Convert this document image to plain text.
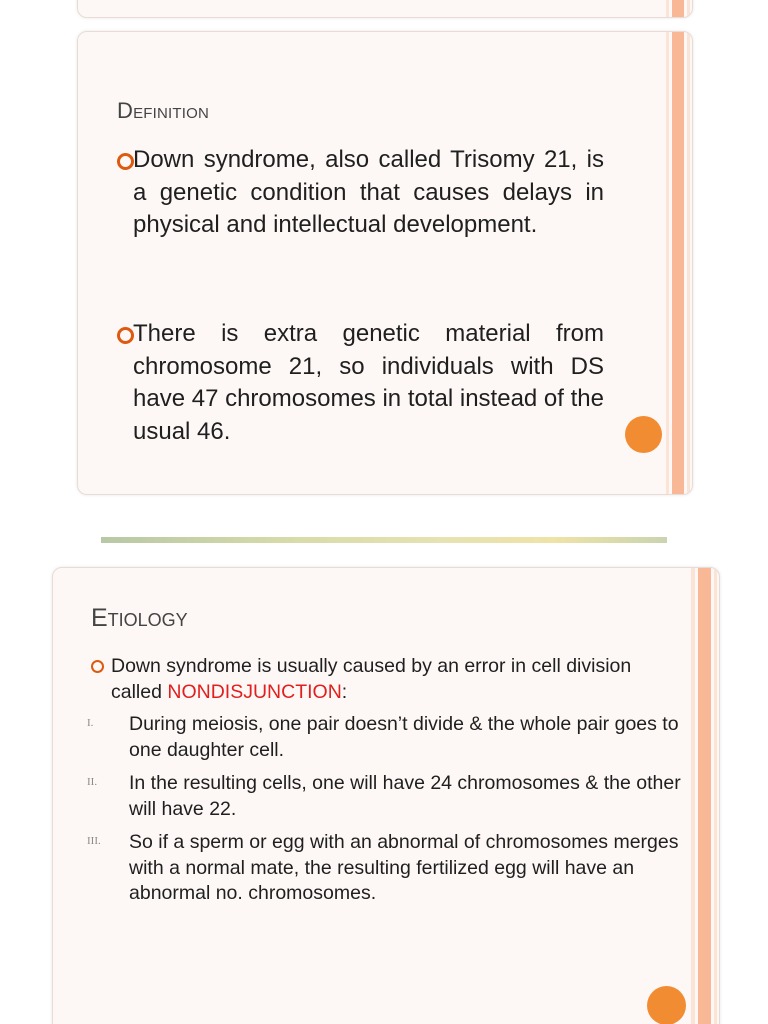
Definition

Down syndrome, also called Trisomy 21, is a genetic condition that causes delays in physical and intellectual development.

There is extra genetic material from chromosome 21, so individuals with DS have 47 chromosomes in total instead of the usual 46.

Etiology

Down syndrome is usually caused by an error in cell division called NONDISJUNCTION:

I. During meiosis, one pair doesn’t divide & the whole pair goes to one daughter cell.

II. In the resulting cells, one will have 24 chromosomes & the other will have 22.

III. So if a sperm or egg with an abnormal of chromosomes merges with a normal mate, the resulting fertilized egg will have an abnormal no. chromosomes.
